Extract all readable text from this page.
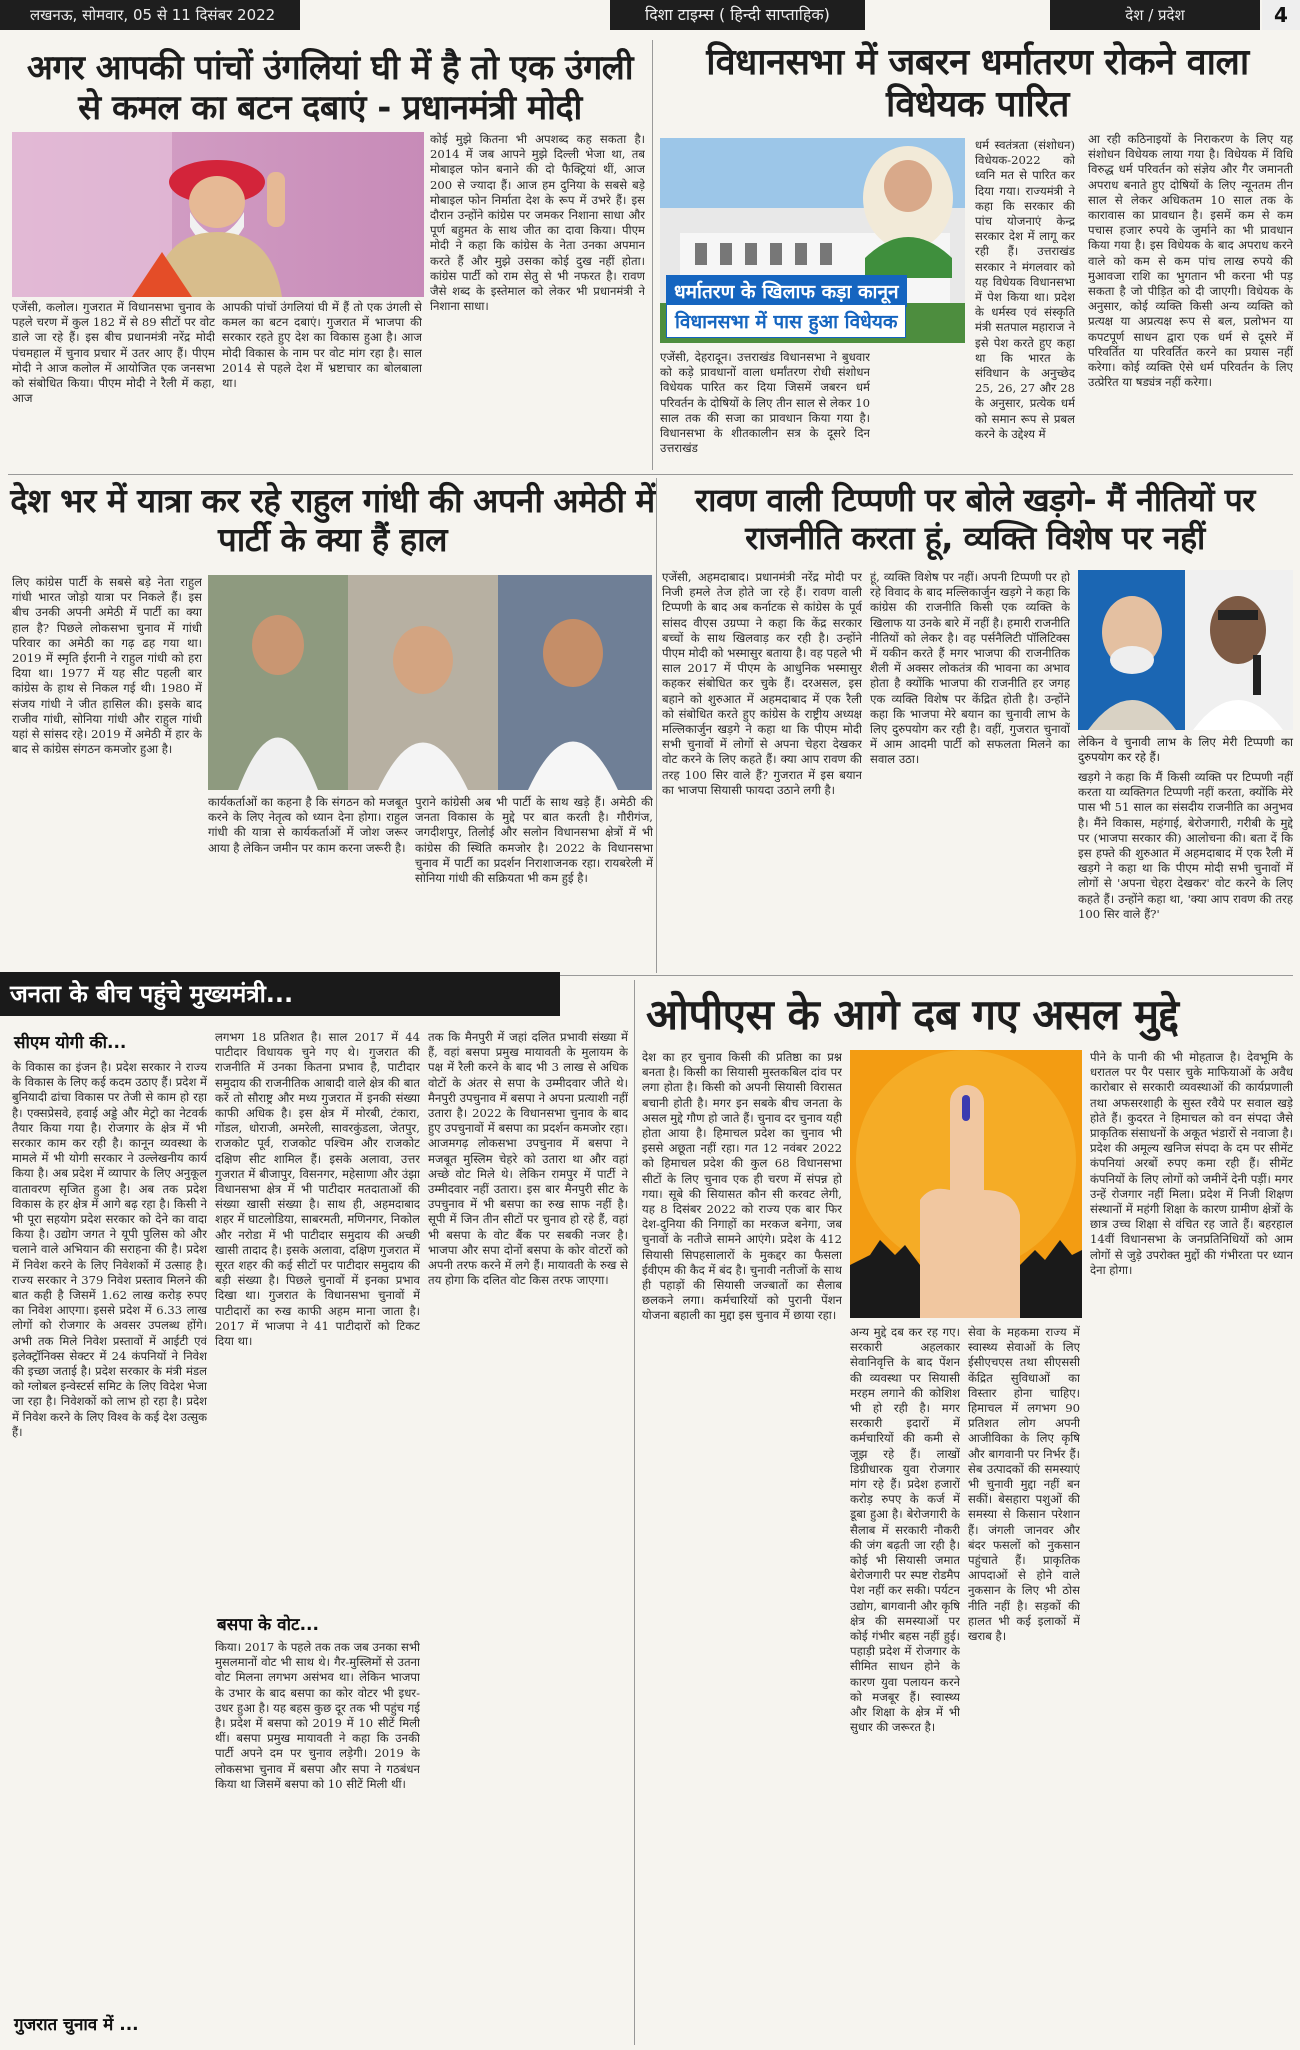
लखनऊ, सोमवार, 05 से 11 दिसंबर 2022	दिशा टाइम्स ( हिन्दी साप्ताहिक)	देश / प्रदेश	4
अगर आपकी पांचों उंगलियां घी में है तो एक उंगली से कमल का बटन दबाएं - प्रधानमंत्री मोदी

कोई मुझे कितना भी अपशब्द कह सकता है। 2014 में जब आपने मुझे दिल्ली भेजा था, तब मोबाइल फोन बनाने की दो फैक्ट्रियां थीं, आज 200 से ज्यादा हैं। आज हम दुनिया के सबसे बड़े मोबाइल फोन निर्माता देश के रूप में उभरे हैं। इस दौरान उन्होंने कांग्रेस पर जमकर निशाना साधा और पूर्ण बहुमत के साथ जीत का दावा किया। पीएम मोदी ने कहा कि कांग्रेस के नेता उनका अपमान करते हैं और मुझे उसका कोई दुख नहीं होता। कांग्रेस पार्टी को राम सेतु से भी नफरत है। रावण जैसे शब्द के इस्तेमाल को लेकर भी प्रधानमंत्री ने निशाना साधा।

एजेंसी, कलोल। गुजरात में विधानसभा चुनाव के पहले चरण में कुल 182 में से 89 सीटों पर वोट डाले जा रहे हैं। इस बीच प्रधानमंत्री नरेंद्र मोदी पंचमहाल में चुनाव प्रचार में उतर आए हैं। पीएम मोदी ने आज कलोल में आयोजित एक जनसभा को संबोधित किया। पीएम मोदी ने रैली में कहा, आज

आपकी पांचों उंगलियां घी में हैं तो एक उंगली से कमल का बटन दबाएं। गुजरात में भाजपा की सरकार रहते हुए देश का विकास हुआ है। आज मोदी विकास के नाम पर वोट मांग रहा है। साल 2014 से पहले देश में भ्रष्टाचार का बोलबाला था।

विधानसभा में जबरन धर्मातरण रोकने वाला विधेयक पारित
धर्मातरण के खिलाफ कड़ा कानून
विधानसभा में पास हुआ विधेयक

धर्म स्वतंत्रता (संशोधन) विधेयक-2022 को ध्वनि मत से पारित कर दिया गया। राज्यमंत्री ने कहा कि सरकार की पांच योजनाएं केन्द्र सरकार देश में लागू कर रही हैं। उत्तराखंड सरकार ने मंगलवार को यह विधेयक विधानसभा में पेश किया था। प्रदेश के धर्मस्व एवं संस्कृति मंत्री सतपाल महाराज ने इसे पेश करते हुए कहा था कि भारत के संविधान के अनुच्छेद 25, 26, 27 और 28 के अनुसार, प्रत्येक धर्म को समान रूप से प्रबल करने के उद्देश्य में

आ रही कठिनाइयों के निराकरण के लिए यह संशोधन विधेयक लाया गया है। विधेयक में विधि विरुद्ध धर्म परिवर्तन को संज्ञेय और गैर जमानती अपराध बनाते हुए दोषियों के लिए न्यूनतम तीन साल से लेकर अधिकतम 10 साल तक के कारावास का प्रावधान है। इसमें कम से कम पचास हजार रुपये के जुर्माने का भी प्रावधान किया गया है। इस विधेयक के बाद अपराध करने वाले को कम से कम पांच लाख रुपये की मुआवजा राशि का भुगतान भी करना भी पड़ सकता है जो पीड़ित को दी जाएगी। विधेयक के अनुसार, कोई व्यक्ति किसी अन्य व्यक्ति को प्रत्यक्ष या अप्रत्यक्ष रूप से बल, प्रलोभन या कपटपूर्ण साधन द्वारा एक धर्म से दूसरे में परिवर्तित या परिवर्तित करने का प्रयास नहीं करेगा। कोई व्यक्ति ऐसे धर्म परिवर्तन के लिए उत्प्रेरित या षड्यंत्र नहीं करेगा।

एजेंसी, देहरादून। उत्तराखंड विधानसभा ने बुधवार को कड़े प्रावधानों वाला धर्मांतरण रोधी संशोधन विधेयक पारित कर दिया जिसमें जबरन धर्म परिवर्तन के दोषियों के लिए तीन साल से लेकर 10 साल तक की सजा का प्रावधान किया गया है। विधानसभा के शीतकालीन सत्र के दूसरे दिन उत्तराखंड

देश भर में यात्रा कर रहे राहुल गांधी की अपनी अमेठी में पार्टी के क्या हैं हाल

लिए कांग्रेस पार्टी के सबसे बड़े नेता राहुल गांधी भारत जोड़ो यात्रा पर निकले हैं। इस बीच उनकी अपनी अमेठी में पार्टी का क्या हाल है? पिछले लोकसभा चुनाव में गांधी परिवार का अमेठी का गढ़ ढह गया था। 2019 में स्मृति ईरानी ने राहुल गांधी को हरा दिया था। 1977 में यह सीट पहली बार कांग्रेस के हाथ से निकल गई थी। 1980 में संजय गांधी ने जीत हासिल की। इसके बाद राजीव गांधी, सोनिया गांधी और राहुल गांधी यहां से सांसद रहे। 2019 में अमेठी में हार के बाद से कांग्रेस संगठन कमजोर हुआ है।

कार्यकर्ताओं का कहना है कि संगठन को मजबूत करने के लिए नेतृत्व को ध्यान देना होगा। राहुल गांधी की यात्रा से कार्यकर्ताओं में जोश जरूर आया है लेकिन जमीन पर काम करना जरूरी है।

पुराने कांग्रेसी अब भी पार्टी के साथ खड़े हैं। अमेठी की जनता विकास के मुद्दे पर बात करती है। गौरीगंज, जगदीशपुर, तिलोई और सलोन विधानसभा क्षेत्रों में भी कांग्रेस की स्थिति कमजोर है। 2022 के विधानसभा चुनाव में पार्टी का प्रदर्शन निराशाजनक रहा। रायबरेली में सोनिया गांधी की सक्रियता भी कम हुई है।

रावण वाली टिप्पणी पर बोले खड़गे- मैं नीतियों पर राजनीति करता हूं, व्यक्ति विशेष पर नहीं

एजेंसी, अहमदाबाद। प्रधानमंत्री नरेंद्र मोदी पर निजी हमले तेज होते जा रहे हैं। रावण वाली टिप्पणी के बाद अब कर्नाटक से कांग्रेस के पूर्व सांसद वीएस उग्रप्पा ने कहा कि केंद्र सरकार बच्चों के साथ खिलवाड़ कर रही है। उन्होंने पीएम मोदी को भस्मासुर बताया है। वह पहले भी साल 2017 में पीएम के आधुनिक भस्मासुर कहकर संबोधित कर चुके हैं। दरअसल, इस बहाने को शुरुआत में अहमदाबाद में एक रैली को संबोधित करते हुए कांग्रेस के राष्ट्रीय अध्यक्ष मल्लिकार्जुन खड़गे ने कहा था कि पीएम मोदी सभी चुनावों में लोगों से अपना चेहरा देखकर वोट करने के लिए कहते हैं। क्या आप रावण की तरह 100 सिर वाले हैं? गुजरात में इस बयान का भाजपा सियासी फायदा उठाने लगी है।

हूं, व्यक्ति विशेष पर नहीं। अपनी टिप्पणी पर हो रहे विवाद के बाद मल्लिकार्जुन खड़गे ने कहा कि कांग्रेस की राजनीति किसी एक व्यक्ति के खिलाफ या उनके बारे में नहीं है। हमारी राजनीति नीतियों को लेकर है। वह पर्सनैलिटी पॉलिटिक्स में यकीन करते हैं मगर भाजपा की राजनीतिक शैली में अक्सर लोकतंत्र की भावना का अभाव होता है क्योंकि भाजपा की राजनीति हर जगह एक व्यक्ति विशेष पर केंद्रित होती है। उन्होंने कहा कि भाजपा मेरे बयान का चुनावी लाभ के लिए दुरुपयोग कर रही है। वहीं, गुजरात चुनावों में आम आदमी पार्टी को सफलता मिलने का सवाल उठा।

लेकिन वे चुनावी लाभ के लिए मेरी टिप्पणी का दुरुपयोग कर रहे हैं।

खड़गे ने कहा कि मैं किसी व्यक्ति पर टिप्पणी नहीं करता या व्यक्तिगत टिप्पणी नहीं करता, क्योंकि मेरे पास भी 51 साल का संसदीय राजनीति का अनुभव है। मैंने विकास, महंगाई, बेरोजगारी, गरीबी के मुद्दे पर (भाजपा सरकार की) आलोचना की। बता दें कि इस हफ्ते की शुरुआत में अहमदाबाद में एक रैली में खड़गे ने कहा था कि पीएम मोदी सभी चुनावों में लोगों से 'अपना चेहरा देखकर' वोट करने के लिए कहते हैं। उन्होंने कहा था, 'क्या आप रावण की तरह 100 सिर वाले हैं?'

जनता के बीच पहुंचे मुख्यमंत्री...
सीएम योगी की...

के विकास का इंजन है। प्रदेश सरकार ने राज्य के विकास के लिए कई कदम उठाए हैं। प्रदेश में बुनियादी ढांचा विकास पर तेजी से काम हो रहा है। एक्सप्रेसवे, हवाई अड्डे और मेट्रो का नेटवर्क तैयार किया गया है। रोजगार के क्षेत्र में भी सरकार काम कर रही है। कानून व्यवस्था के मामले में भी योगी सरकार ने उल्लेखनीय कार्य किया है। अब प्रदेश में व्यापार के लिए अनुकूल वातावरण सृजित हुआ है। अब तक प्रदेश विकास के हर क्षेत्र में आगे बढ़ रहा है। किसी ने भी पूरा सहयोग प्रदेश सरकार को देने का वादा किया है। उद्योग जगत ने यूपी पुलिस को और चलाने वाले अभियान की सराहना की है। प्रदेश में निवेश करने के लिए निवेशकों में उत्साह है। राज्य सरकार ने 379 निवेश प्रस्ताव मिलने की बात कही है जिसमें 1.62 लाख करोड़ रुपए का निवेश आएगा। इससे प्रदेश में 6.33 लाख लोगों को रोजगार के अवसर उपलब्ध होंगे। अभी तक मिले निवेश प्रस्तावों में आईटी एवं इलेक्ट्रॉनिक्स सेक्टर में 24 कंपनियों ने निवेश की इच्छा जताई है। प्रदेश सरकार के मंत्री मंडल को ग्लोबल इन्वेस्टर्स समिट के लिए विदेश भेजा जा रहा है। निवेशकों को लाभ हो रहा है। प्रदेश में निवेश करने के लिए विश्व के कई देश उत्सुक हैं।

लगभग 18 प्रतिशत है। साल 2017 में 44 पाटीदार विधायक चुने गए थे। गुजरात की राजनीति में उनका कितना प्रभाव है, पाटीदार समुदाय की राजनीतिक आबादी वाले क्षेत्र की बात करें तो सौराष्ट्र और मध्य गुजरात में इनकी संख्या काफी अधिक है। इस क्षेत्र में मोरबी, टंकारा, गोंडल, धोराजी, अमरेली, सावरकुंडला, जेतपुर, राजकोट पूर्व, राजकोट पश्चिम और राजकोट दक्षिण सीट शामिल हैं। इसके अलावा, उत्तर गुजरात में बीजापुर, विसनगर, महेसाणा और उंझा विधानसभा क्षेत्र में भी पाटीदार मतदाताओं की संख्या खासी संख्या है। साथ ही, अहमदाबाद शहर में घाटलोडिया, साबरमती, मणिनगर, निकोल और नरोडा में भी पाटीदार समुदाय की अच्छी खासी तादाद है। इसके अलावा, दक्षिण गुजरात में सूरत शहर की कई सीटों पर पाटीदार समुदाय की बड़ी संख्या है। पिछले चुनावों में इनका प्रभाव दिखा था। गुजरात के विधानसभा चुनावों में पाटीदारों का रुख काफी अहम माना जाता है। 2017 में भाजपा ने 41 पाटीदारों को टिकट दिया था।

बसपा के वोट...

किया। 2017 के पहले तक तक जब उनका सभी मुसलमानों वोट भी साथ थे। गैर-मुस्लिमों से उतना वोट मिलना लगभग असंभव था। लेकिन भाजपा के उभार के बाद बसपा का कोर वोटर भी इधर-उधर हुआ है। यह बहस कुछ दूर तक भी पहुंच गई है। प्रदेश में बसपा को 2019 में 10 सीटें मिली थीं। बसपा प्रमुख मायावती ने कहा कि उनकी पार्टी अपने दम पर चुनाव लड़ेगी। 2019 के लोकसभा चुनाव में बसपा और सपा ने गठबंधन किया था जिसमें बसपा को 10 सीटें मिली थीं।

तक कि मैनपुरी में जहां दलित प्रभावी संख्या में हैं, वहां बसपा प्रमुख मायावती के मुलायम के पक्ष में रैली करने के बाद भी 3 लाख से अधिक वोटों के अंतर से सपा के उम्मीदवार जीते थे। मैनपुरी उपचुनाव में बसपा ने अपना प्रत्याशी नहीं उतारा है। 2022 के विधानसभा चुनाव के बाद हुए उपचुनावों में बसपा का प्रदर्शन कमजोर रहा। आजमगढ़ लोकसभा उपचुनाव में बसपा ने मजबूत मुस्लिम चेहरे को उतारा था और वहां अच्छे वोट मिले थे। लेकिन रामपुर में पार्टी ने उम्मीदवार नहीं उतारा। इस बार मैनपुरी सीट के उपचुनाव में भी बसपा का रुख साफ नहीं है। सूपी में जिन तीन सीटों पर चुनाव हो रहे हैं, वहां भी बसपा के वोट बैंक पर सबकी नजर है। भाजपा और सपा दोनों बसपा के कोर वोटरों को अपनी तरफ करने में लगे हैं। मायावती के रुख से तय होगा कि दलित वोट किस तरफ जाएगा।

गुजरात चुनाव में ...
ओपीएस के आगे दब गए असल मुद्दे

देश का हर चुनाव किसी की प्रतिष्ठा का प्रश्न बनता है। किसी का सियासी मुस्तकबिल दांव पर लगा होता है। किसी को अपनी सियासी विरासत बचानी होती है। मगर इन सबके बीच जनता के असल मुद्दे गौण हो जाते हैं। चुनाव दर चुनाव यही होता आया है। हिमाचल प्रदेश का चुनाव भी इससे अछूता नहीं रहा। गत 12 नवंबर 2022 को हिमाचल प्रदेश की कुल 68 विधानसभा सीटों के लिए चुनाव एक ही चरण में संपन्न हो गया। सूबे की सियासत कौन सी करवट लेगी, यह 8 दिसंबर 2022 को राज्य एक बार फिर देश-दुनिया की निगाहों का मरकज बनेगा, जब चुनावों के नतीजे सामने आएंगे। प्रदेश के 412 सियासी सिपहसालारों के मुकद्दर का फैसला ईवीएम की कैद में बंद है। चुनावी नतीजों के साथ ही पहाड़ों की सियासी जज्बातों का सैलाब छलकने लगा। कर्मचारियों को पुरानी पेंशन योजना बहाली का मुद्दा इस चुनाव में छाया रहा।

अन्य मुद्दे दब कर रह गए। सरकारी अहलकार सेवानिवृत्ति के बाद पेंशन की व्यवस्था पर सियासी मरहम लगाने की कोशिश भी हो रही है। मगर सरकारी इदारों में कर्मचारियों की कमी से जूझ रहे हैं। लाखों डिग्रीधारक युवा रोजगार मांग रहे हैं। प्रदेश हजारों करोड़ रुपए के कर्ज में डूबा हुआ है। बेरोजगारी के सैलाब में सरकारी नौकरी की जंग बढ़ती जा रही है। कोई भी सियासी जमात बेरोजगारी पर स्पष्ट रोडमैप पेश नहीं कर सकी। पर्यटन उद्योग, बागवानी और कृषि क्षेत्र की समस्याओं पर कोई गंभीर बहस नहीं हुई। पहाड़ी प्रदेश में रोजगार के सीमित साधन होने के कारण युवा पलायन करने को मजबूर हैं। स्वास्थ्य और शिक्षा के क्षेत्र में भी सुधार की जरूरत है।

सेवा के महकमा राज्य में स्वास्थ्य सेवाओं के लिए ईसीएचएस तथा सीएससी केंद्रित सुविधाओं का विस्तार होना चाहिए। हिमाचल में लगभग 90 प्रतिशत लोग अपनी आजीविका के लिए कृषि और बागवानी पर निर्भर हैं। सेब उत्पादकों की समस्याएं भी चुनावी मुद्दा नहीं बन सकीं। बेसहारा पशुओं की समस्या से किसान परेशान हैं। जंगली जानवर और बंदर फसलों को नुकसान पहुंचाते हैं। प्राकृतिक आपदाओं से होने वाले नुकसान के लिए भी ठोस नीति नहीं है। सड़कों की हालत भी कई इलाकों में खराब है।

पीने के पानी की भी मोहताज है। देवभूमि के धरातल पर पैर पसार चुके माफियाओं के अवैध कारोबार से सरकारी व्यवस्थाओं की कार्यप्रणाली तथा अफसरशाही के सुस्त रवैये पर सवाल खड़े होते हैं। कुदरत ने हिमाचल को वन संपदा जैसे प्राकृतिक संसाधनों के अकूत भंडारों से नवाजा है। प्रदेश की अमूल्य खनिज संपदा के दम पर सीमेंट कंपनियां अरबों रुपए कमा रही हैं। सीमेंट कंपनियों के लिए लोगों को जमीनें देनी पड़ीं। मगर उन्हें रोजगार नहीं मिला। प्रदेश में निजी शिक्षण संस्थानों में महंगी शिक्षा के कारण ग्रामीण क्षेत्रों के छात्र उच्च शिक्षा से वंचित रह जाते हैं। बहरहाल 14वीं विधानसभा के जनप्रतिनिधियों को आम लोगों से जुड़े उपरोक्त मुद्दों की गंभीरता पर ध्यान देना होगा।
